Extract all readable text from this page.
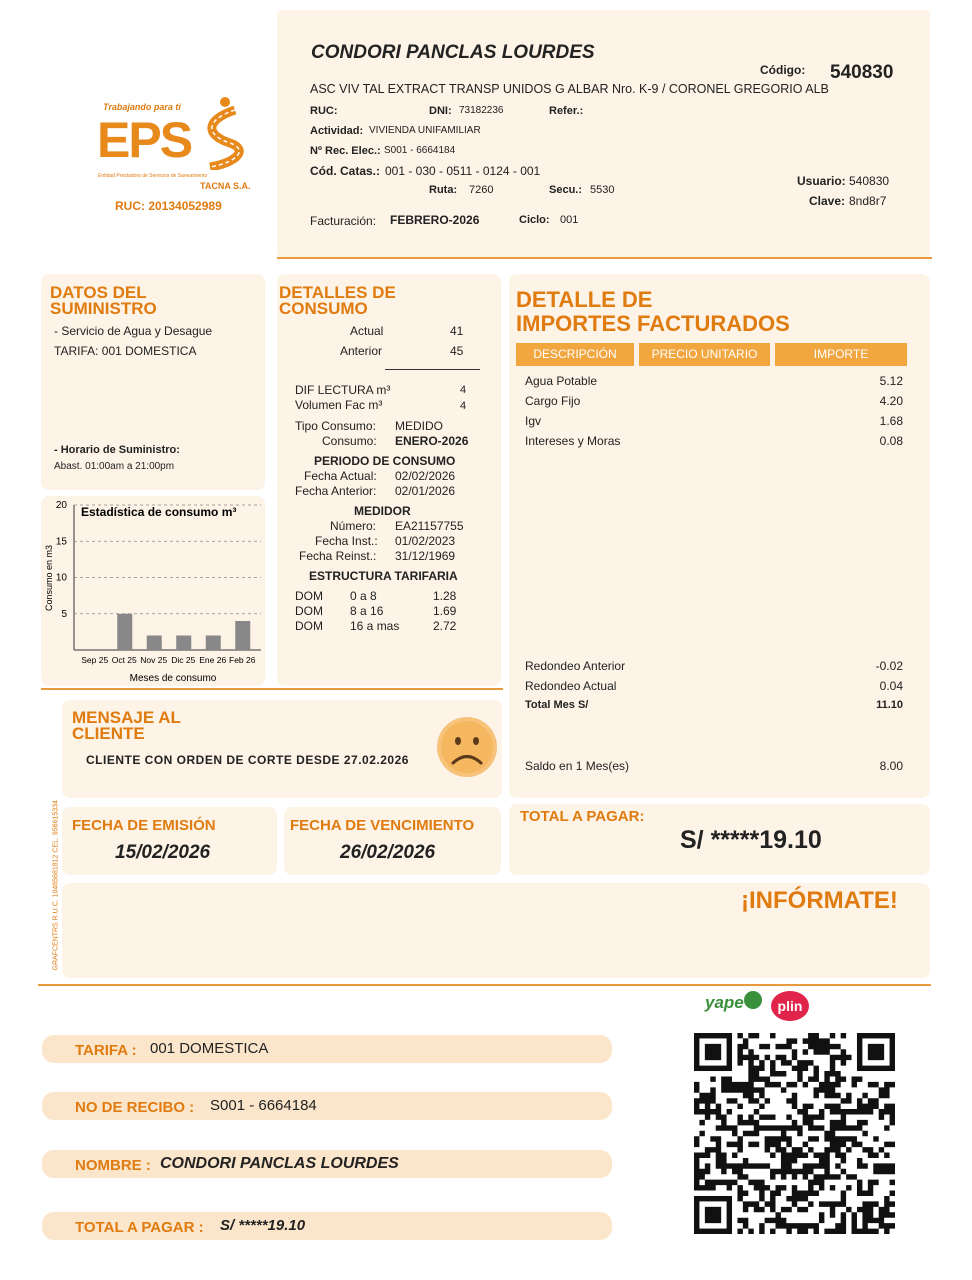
Trabajando para ti
EPS
Entidad Prestadora de Servicios de Saneamiento
TACNA S.A.
RUC: 20134052989
CONDORI PANCLAS LOURDES
Código: 540830
ASC VIV TAL EXTRACT TRANSP UNIDOS G ALBAR Nro. K-9 / CORONEL GREGORIO ALB
RUC:	DNI: 73182236	Refer.:
Actividad: VIVIENDA UNIFAMILIAR
Nº Rec. Elec.: S001 - 6664184
Cód. Catas.: 001 - 030 - 0511 - 0124 - 001
Ruta: 7260	Secu.: 5530
Usuario: 540830
Clave: 8nd8r7
Facturación: FEBRERO-2026	Ciclo: 001
DATOS DEL
SUMINISTRO
- Servicio de Agua y Desague
TARIFA: 001 DOMESTICA
- Horario de Suministro:
Abast. 01:00am a 21:00pm
5
10
15
20
Sep 25 Oct 25 Nov 25 Dic 25 Ene 26 Feb 26
Estadística de consumo m³
Meses de consumo
Consumo en m3
DETALLES DE
CONSUMO
Actual	41
Anterior	45
DIF LECTURA m³	4
Volumen Fac m³	4
Tipo Consumo: MEDIDO
Consumo: ENERO-2026
PERIODO DE CONSUMO
Fecha Actual: 02/02/2026
Fecha Anterior: 02/01/2026
MEDIDOR
Número: EA21157755
Fecha Inst.: 01/02/2023
Fecha Reinst.: 31/12/1969
ESTRUCTURA TARIFARIA
DOM 0 a 8	1.28
DOM 8 a 16	1.69
DOM 16 a mas	2.72
DETALLE DE
IMPORTES FACTURADOS
DESCRIPCIÓN	PRECIO UNITARIO	IMPORTE
Agua Potable	5.12
Cargo Fijo	4.20
Igv	1.68
Intereses y Moras	0.08
Redondeo Anterior	-0.02
Redondeo Actual	0.04
Total Mes S/	11.10
Saldo en 1 Mes(es)	8.00
MENSAJE AL
CLIENTE
CLIENTE CON ORDEN DE CORTE DESDE 27.02.2026
GRAFCENTRS R.U.C. 10465681812 CEL. 956615334 FECHA DE EMISIÓN
15/02/2026
FECHA DE VENCIMIENTO
26/02/2026
TOTAL A PAGAR:
S/ *****19.10
¡INFÓRMATE!
yape	plin
TARIFA : 001 DOMESTICA
NO DE RECIBO : S001 - 6664184
NOMBRE : CONDORI PANCLAS LOURDES
TOTAL A PAGAR : S/ *****19.10
